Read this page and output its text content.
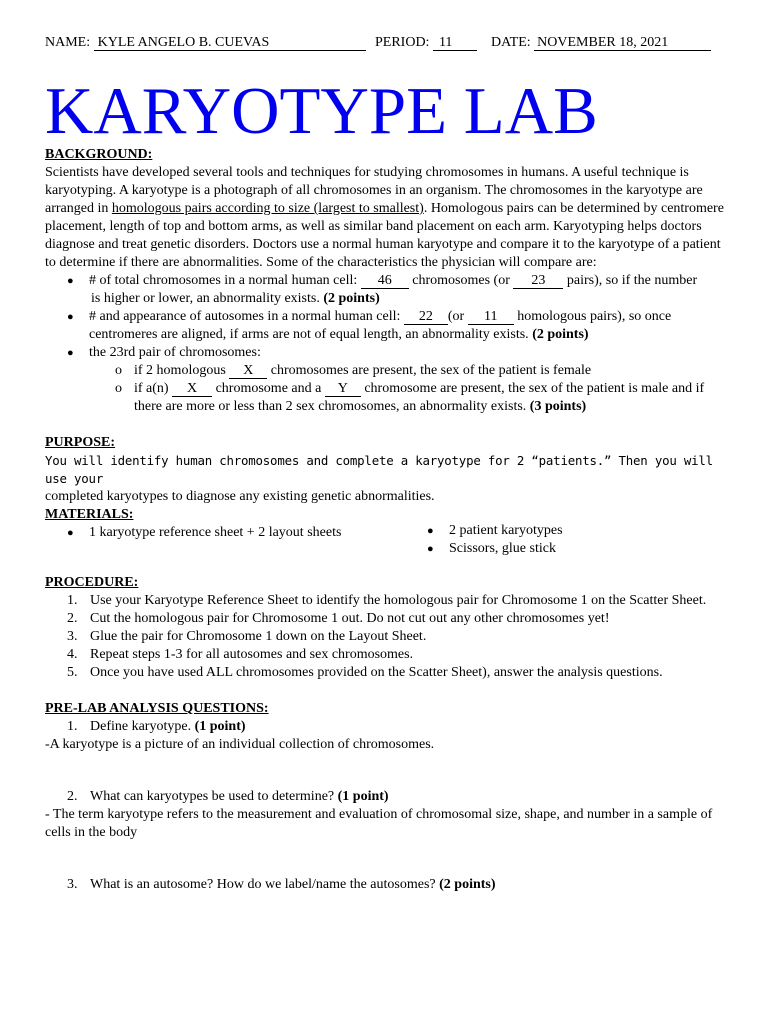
NAME: KYLE ANGELO B. CUEVAS	PERIOD: 11	DATE: NOVEMBER 18, 2021
KARYOTYPE LAB

BACKGROUND:

Scientists have developed several tools and techniques for studying chromosomes in humans. A useful technique is karyotyping. A karyotype is a photograph of all chromosomes in an organism. The chromosomes in the karyotype are arranged in homologous pairs according to size (largest to smallest). Homologous pairs can be determined by centromere placement, length of top and bottom arms, as well as similar band placement on each arm. Karyotyping helps doctors diagnose and treat genetic disorders. Doctors use a normal human karyotype and compare it to the karyotype of a patient to determine if there are abnormalities. Some of the characteristics the physician will compare are:

● # of total chromosomes in a normal human cell: 46 chromosomes (or 23 pairs), so if the number
is higher or lower, an abnormality exists. (2 points)
● # and appearance of autosomes in a normal human cell: 22 (or 11 homologous pairs), so once centromeres are aligned, if arms are not of equal length, an abnormality exists. (2 points)
● the 23rd pair of chromosomes:
o if 2 homologous X chromosomes are present, the sex of the patient is female
o if a(n) X chromosome and a Y chromosome are present, the sex of the patient is male and if there are more or less than 2 sex chromosomes, an abnormality exists. (3 points)

PURPOSE:

You will identify human chromosomes and complete a karyotype for 2 “patients.” Then you will use your

completed karyotypes to diagnose any existing genetic abnormalities.

MATERIALS:

● 1 karyotype reference sheet + 2 layout sheets
●	2 patient karyotypes
● Scissors, glue stick

PROCEDURE:

1. Use your Karyotype Reference Sheet to identify the homologous pair for Chromosome 1 on the Scatter Sheet.
2. Cut the homologous pair for Chromosome 1 out. Do not cut out any other chromosomes yet!
3. Glue the pair for Chromosome 1 down on the Layout Sheet.
4. Repeat steps 1-3 for all autosomes and sex chromosomes.
5. Once you have used ALL chromosomes provided on the Scatter Sheet), answer the analysis questions.

PRE-LAB ANALYSIS QUESTIONS:

1. Define karyotype. (1 point)

-A karyotype is a picture of an individual collection of chromosomes.

2. What can karyotypes be used to determine? (1 point)

- The term karyotype refers to the measurement and evaluation of chromosomal size, shape, and number in a sample of cells in the body

3. What is an autosome? How do we label/name the autosomes? (2 points)
